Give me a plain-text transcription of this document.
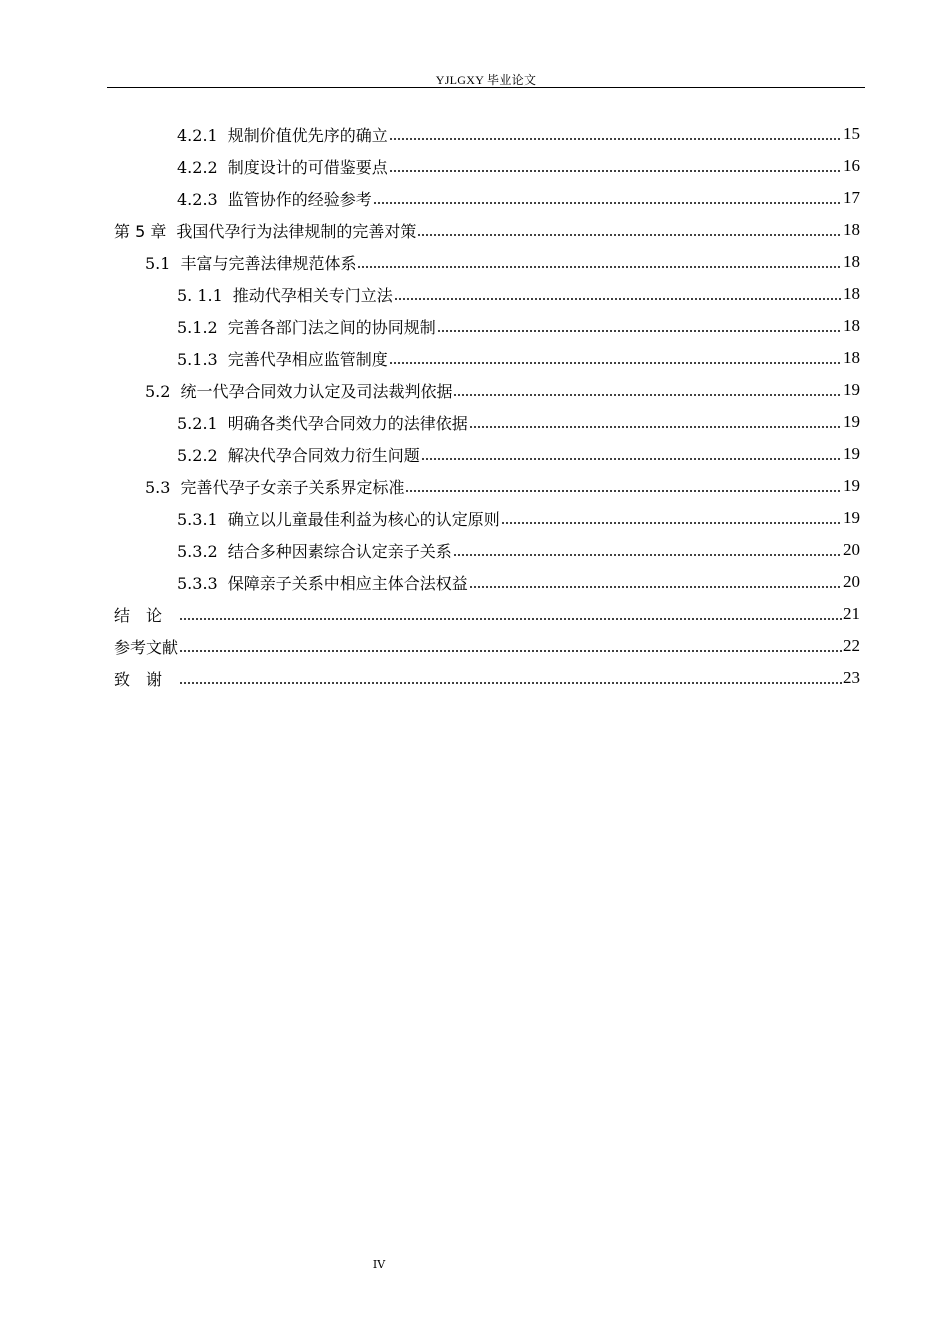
YJLGXY 毕业论文
4.2.1 规制价值优先序的确立	15
4.2.2 制度设计的可借鉴要点	16
4.2.3 监管协作的经验参考	17
第 5 章 我国代孕行为法律规制的完善对策	18
5.1 丰富与完善法律规范体系	18
5. 1.1 推动代孕相关专门立法	18
5.1.2 完善各部门法之间的协同规制	18
5.1.3 完善代孕相应监管制度	18
5.2 统一代孕合同效力认定及司法裁判依据	19
5.2.1 明确各类代孕合同效力的法律依据	19
5.2.2 解决代孕合同效力衍生问题	19
5.3 完善代孕子女亲子关系界定标准	19
5.3.1 确立以儿童最佳利益为核心的认定原则	19
5.3.2 结合多种因素综合认定亲子关系	20
5.3.3 保障亲子关系中相应主体合法权益	20
结论	21
参考文献	22
致谢	23
IV
